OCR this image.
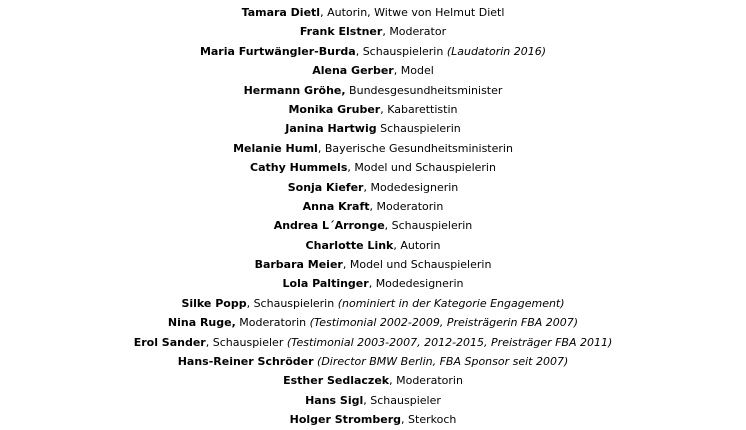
Tamara Dietl, Autorin, Witwe von Helmut Dietl
Frank Elstner, Moderator
Maria Furtwängler-Burda, Schauspielerin (Laudatorin 2016)
Alena Gerber, Model
Hermann Gröhe, Bundesgesundheitsminister
Monika Gruber, Kabarettistin
Janina Hartwig Schauspielerin
Melanie Huml, Bayerische Gesundheitsministerin
Cathy Hummels, Model und Schauspielerin
Sonja Kiefer, Modedesignerin
Anna Kraft, Moderatorin
Andrea L´Arronge, Schauspielerin
Charlotte Link, Autorin
Barbara Meier, Model und Schauspielerin
Lola Paltinger, Modedesignerin
Silke Popp, Schauspielerin (nominiert in der Kategorie Engagement)
Nina Ruge, Moderatorin (Testimonial 2002-2009, Preisträgerin FBA 2007)
Erol Sander, Schauspieler (Testimonial 2003-2007, 2012-2015, Preisträger FBA 2011)
Hans-Reiner Schröder (Director BMW Berlin, FBA Sponsor seit 2007)
Esther Sedlaczek, Moderatorin
Hans Sigl, Schauspieler
Holger Stromberg, Sterkoch
